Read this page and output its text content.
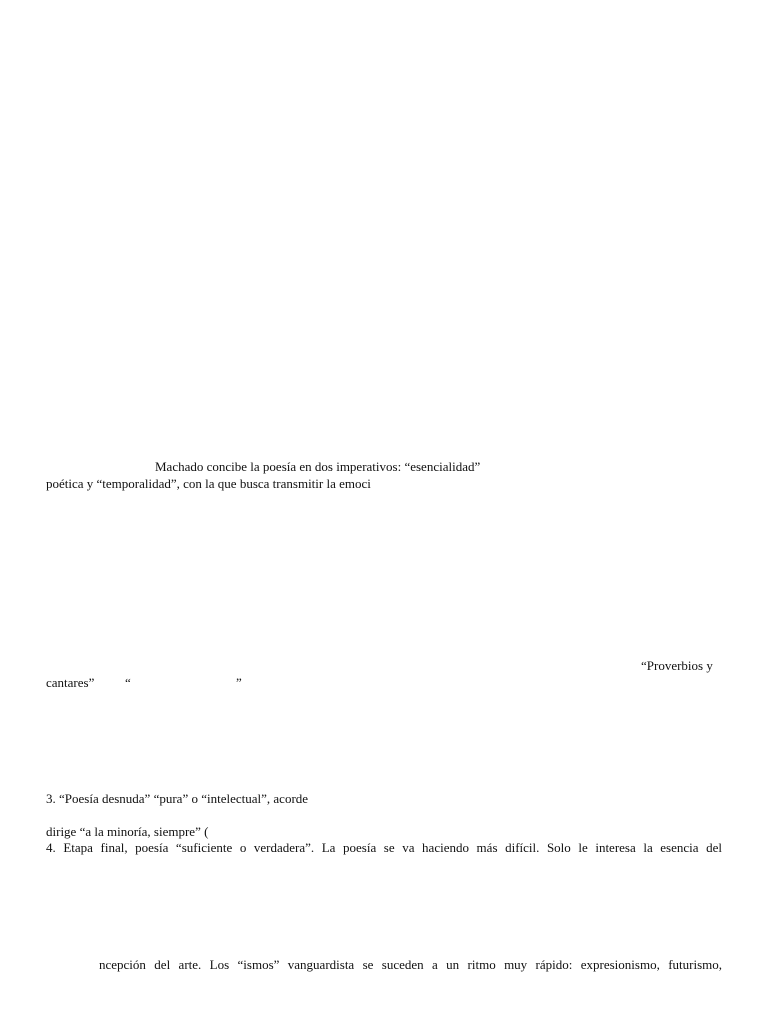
Machado concibe la poesía en dos imperativos: “esencialidad”
poética y “temporalidad”, con la que busca transmitir la emoci
“Proverbios y
cantares” “	”
3. “Poesía desnuda” “pura” o “intelectual”, acorde
dirige “a la minoría, siempre” (
4. Etapa final, poesía “suficiente o verdadera”. La poesía se va haciendo más difícil. Solo le interesa la esencia del
ncepción del arte. Los “ismos” vanguardista se suceden a un ritmo muy rápido: expresionismo, futurismo,
